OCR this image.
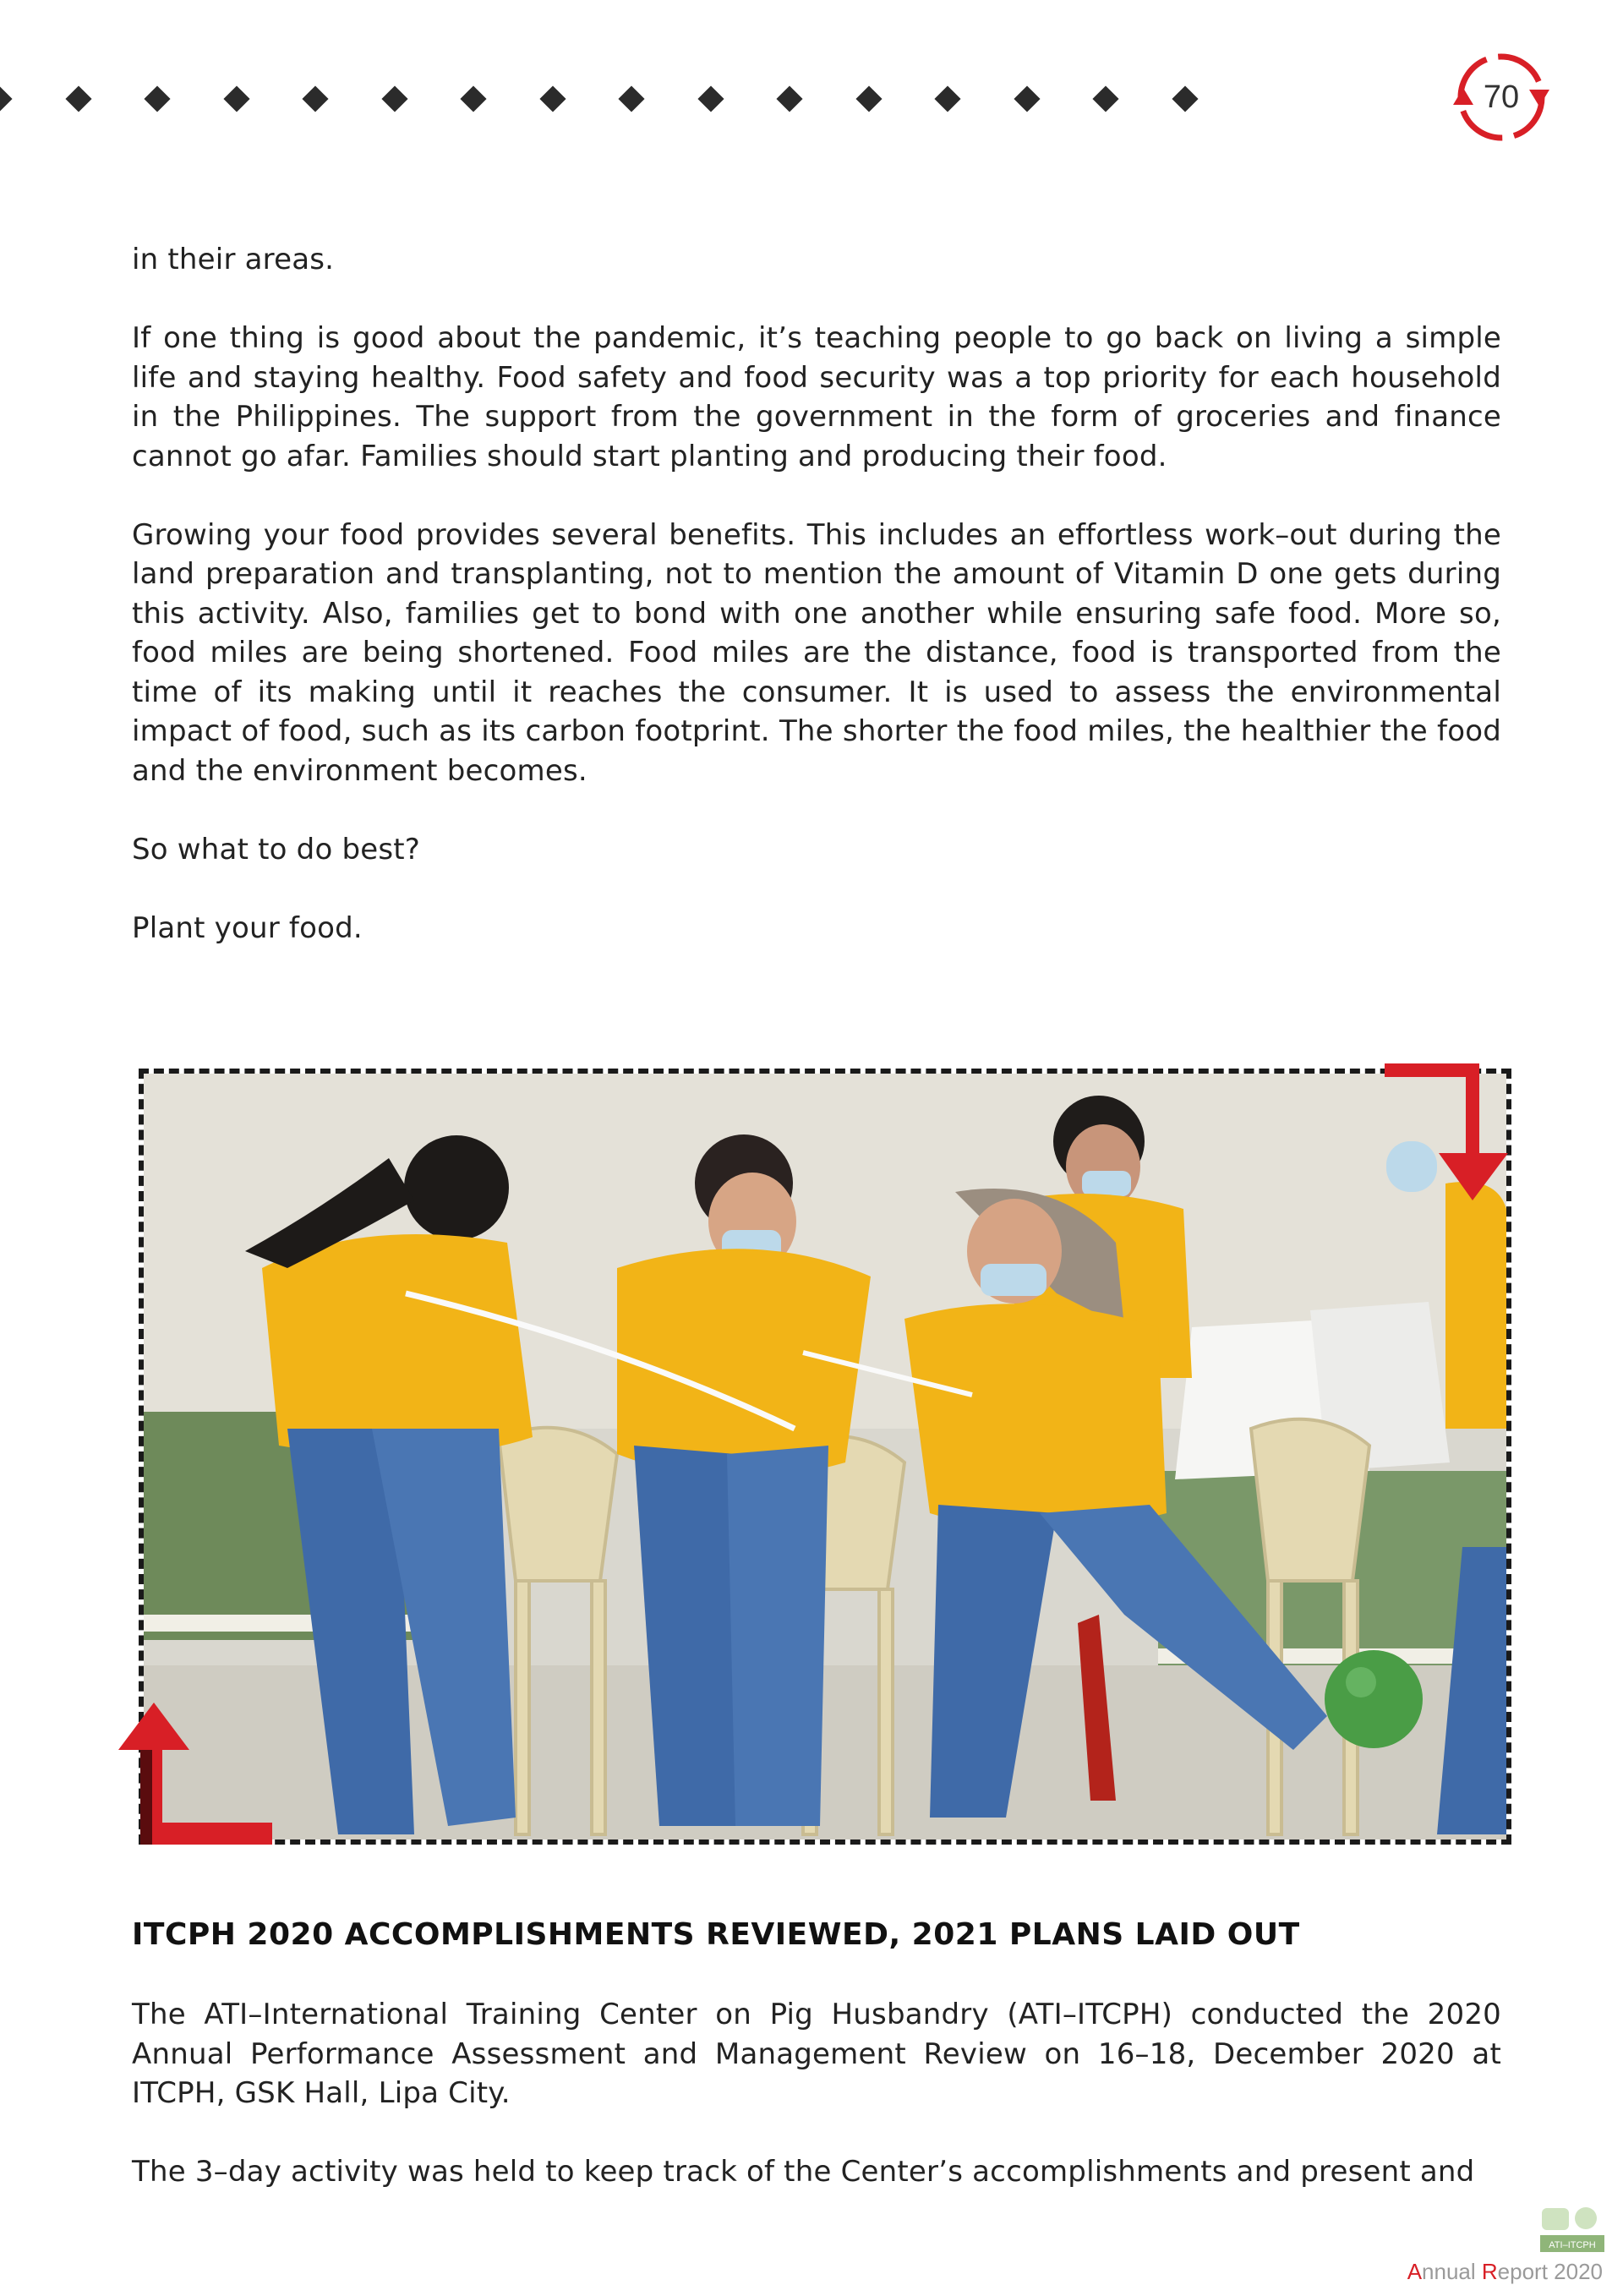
70

in their areas.

If one thing is good about the pandemic, it’s teaching people to go back on living a simple life and staying healthy. Food safety and food security was a top priority for each household in the Philippines. The support from the government in the form of groceries and finance cannot go afar. Families should start planting and producing their food.

Growing your food provides several benefits. This includes an effortless work–out during the land preparation and transplanting, not to mention the amount of Vitamin D one gets during this activity. Also, families get to bond with one another while ensuring safe food. More so, food miles are being shortened. Food miles are the distance, food is transported from the time of its making until it reaches the consumer. It is used to assess the environmental impact of food, such as its carbon footprint. The shorter the food miles, the healthier the food and the environment becomes.

So what to do best?

Plant your food.

ITCPH 2020 ACCOMPLISHMENTS REVIEWED, 2021 PLANS LAID OUT

The ATI–International Training Center on Pig Husbandry (ATI–ITCPH) conducted the 2020 Annual Performance Assessment and Management Review on 16–18, December 2020 at ITCPH, GSK Hall, Lipa City.

The 3–day activity was held to keep track of the Center’s accomplishments and present and

ATI–ITCPH
Annual Report 2020
